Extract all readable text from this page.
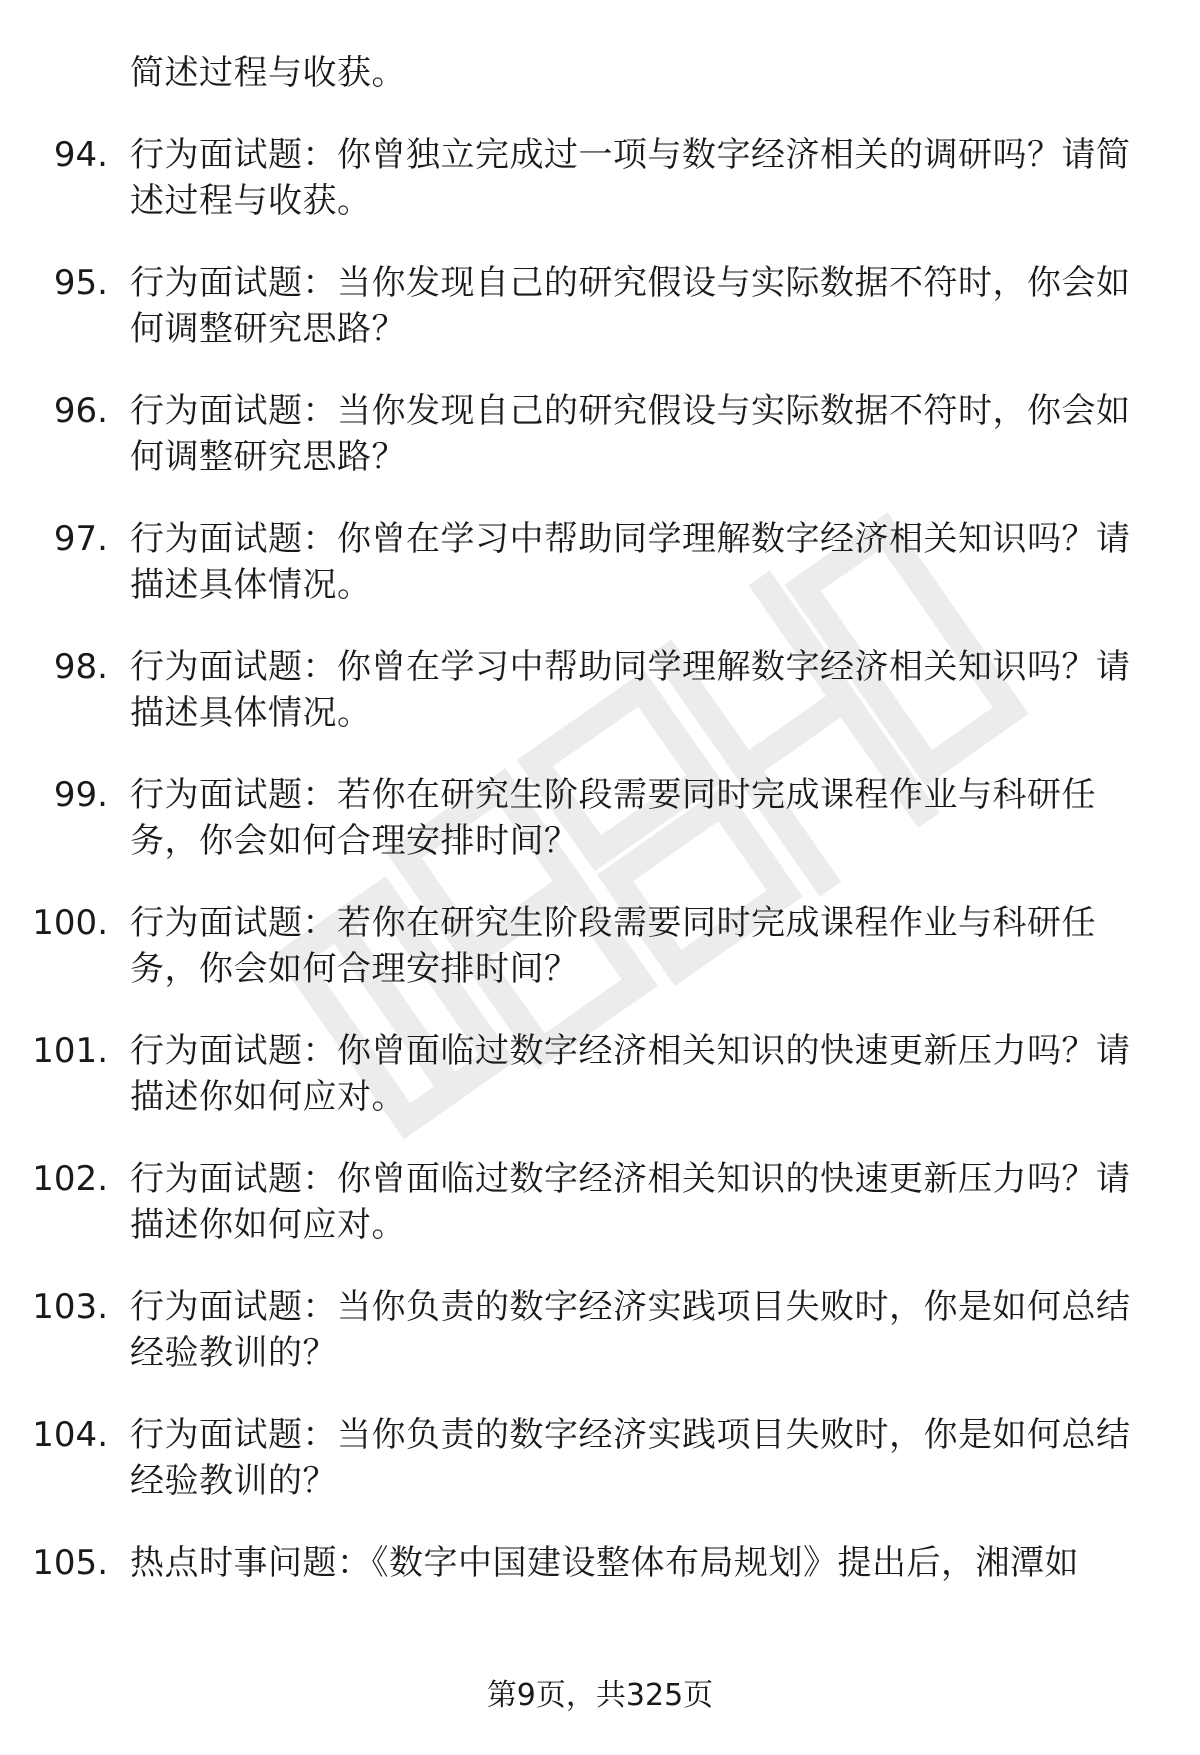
简述过程与收获。
94. 行为面试题：你曾独立完成过一项与数字经济相关的调研吗？请简述过程与收获。
95. 行为面试题：当你发现自己的研究假设与实际数据不符时，你会如何调整研究思路？
96. 行为面试题：当你发现自己的研究假设与实际数据不符时，你会如何调整研究思路？
97. 行为面试题：你曾在学习中帮助同学理解数字经济相关知识吗？请描述具体情况。
98. 行为面试题：你曾在学习中帮助同学理解数字经济相关知识吗？请描述具体情况。
99. 行为面试题：若你在研究生阶段需要同时完成课程作业与科研任务，你会如何合理安排时间？
100. 行为面试题：若你在研究生阶段需要同时完成课程作业与科研任务，你会如何合理安排时间？
101. 行为面试题：你曾面临过数字经济相关知识的快速更新压力吗？请描述你如何应对。
102. 行为面试题：你曾面临过数字经济相关知识的快速更新压力吗？请描述你如何应对。
103. 行为面试题：当你负责的数字经济实践项目失败时，你是如何总结经验教训的？
104. 行为面试题：当你负责的数字经济实践项目失败时，你是如何总结经验教训的？
105. 热点时事问题：《数字中国建设整体布局规划》提出后，湘潭如
第9页，共325页
